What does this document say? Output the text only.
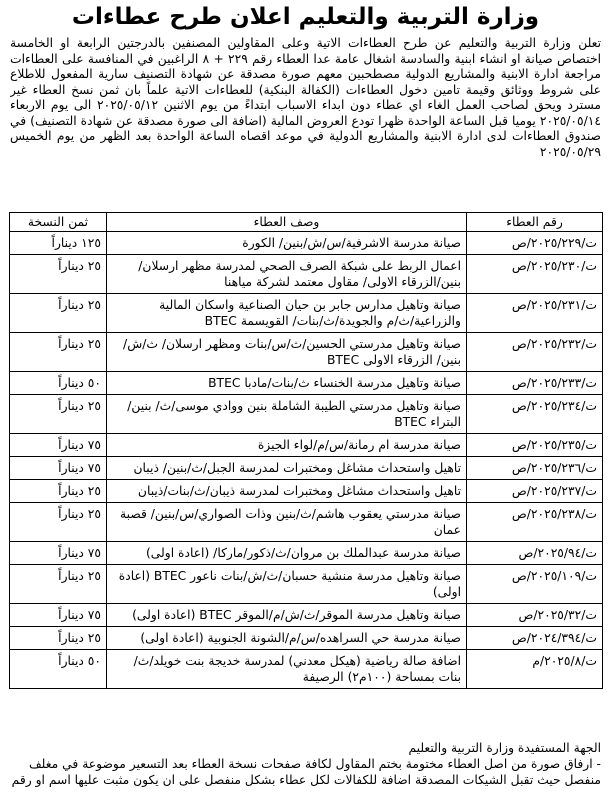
وزارة التربية والتعليم اعلان طرح عطاءات
تعلن وزارة التربية والتعليم عن طرح العطاءات الاتية وعلى المقاولين المصنفين بالدرجتين الرابعة او الخامسة اختصاص صيانة او انشاء ابنية والسادسة اشغال عامة عدا العطاء رقم ٢٢٩ + ٨ الراغبين في المنافسة على العطاءات مراجعة ادارة الابنية والمشاريع الدولية مصطحبين معهم صورة مصدقة عن شهادة التصنيف سارية المفعول للاطلاع على شروط ووثائق وقيمة تامين دخول العطاءات (الكفالة البنكية) للعطاءات الاتية علماً بان ثمن نسخ العطاء غير مسترد ويحق لصاحب العمل الغاء اي عطاء دون ابداء الاسباب ابتداءً من يوم الاثنين ٢٠٢٥/٠٥/١٢ الى يوم الاربعاء ٢٠٢٥/٠٥/١٤ يوميا قبل الساعة الواحدة ظهرا تودع العروض المالية (اضافة الى صورة مصدقة عن شهادة التصنيف) في صندوق العطاءات لدى ادارة الابنية والمشاريع الدولية في موعد اقصاه الساعة الواحدة بعد الظهر من يوم الخميس ٢٠٢٥/٠٥/٢٩
رقم العطاء	وصف العطاء	ثمن النسخة
ت/٢٠٢٥/٢٢٩/ص	صيانة مدرسة الاشرفية/س/ش/بنين/ الكورة	١٢٥ ديناراً
ت/٢٠٢٥/٢٣٠/ص	اعمال الربط على شبكة الصرف الصحي لمدرسة مظهر ارسلان/ بنين/الزرقاء الاولى/ مقاول معتمد لشركة مياهنا	٢٥ ديناراً
ت/٢٠٢٥/٢٣١/ص	صيانة وتاهيل مدارس جابر بن حيان الصناعية واسكان المالية والزراعية/ث/م والجويدة/ث/بنات/ القويسمة BTEC	٢٥ ديناراً
ت/٢٠٢٥/٢٣٢/ص	صيانة وتاهيل مدرستي الحسين/ث/س/بنات ومظهر ارسلان/ ث/ش/بنين/ الزرقاء الاولى BTEC	٢٥ ديناراً
ت/٢٠٢٥/٢٣٣/ص	صيانة وتاهيل مدرسة الخنساء ث/بنات/مادبا BTEC	٥٠ ديناراً
ت/٢٠٢٥/٢٣٤/ص	صيانة وتاهيل مدرستي الطيبة الشاملة بنين ووادي موسى/ث/ بنين/البتراء BTEC	٢٥ ديناراً
ت/٢٠٢٥/٢٣٥/ص	صيانة مدرسة ام رمانة/س/م/لواء الجيزة	٧٥ ديناراً
ت/٢٠٢٥/٢٣٦/ص	تاهيل واستحداث مشاغل ومختبرات لمدرسة الجبل/ث/بنين/ ذيبان	٧٥ ديناراً
ت/٢٠٢٥/٢٣٧/ص	تاهيل واستحداث مشاغل ومختبرات لمدرسة ذيبان/ث/بنات/ذيبان	٢٥ ديناراً
ت/٢٠٢٥/٢٣٨/ص	صيانة مدرستي يعقوب هاشم/ث/بنين وذات الصواري/س/بنين/ قصبة عمان	٢٥ ديناراً
ت/٢٠٢٥/٩٤/ص	صيانة مدرسة عبدالملك بن مروان/ث/ذكور/ماركا/ (اعادة اولى)	٧٥ ديناراً
ت/٢٠٢٥/١٠٩/ص	صيانة وتاهيل مدرسة منشية حسبان/ث/ش/بنات ناعور BTEC (اعادة اولى)	٢٥ ديناراً
ت/٢٠٢٥/٣٢/ص	صيانة وتاهيل مدرسة الموقر/ث/ش/م/الموقر BTEC (اعادة اولى)	٧٥ ديناراً
ت/٢٠٢٤/٣٩٤/ص	صيانة مدرسة حي السراهده/س/م/الشونة الجنوبية (اعادة اولى)	٢٥ ديناراً
ت/٢٠٢٥/٨/م	اضافة صالة رياضية (هيكل معدني) لمدرسة خديجة بنت خويلد/ث/بنات بمساحة (١٠٠م٢) الرصيفة	٥٠ ديناراً

الجهة المستفيدة وزارة التربية والتعليم

- ارفاق صورة من اصل العطاء مختومة بختم المقاول لكافة صفحات نسخة العطاء بعد التسعير موضوعة في مغلف منفصل حيث تقبل الشيكات المصدقة اضافة للكفالات لكل عطاء بشكل منفصل على ان يكون مثبت عليها اسم او رقم
